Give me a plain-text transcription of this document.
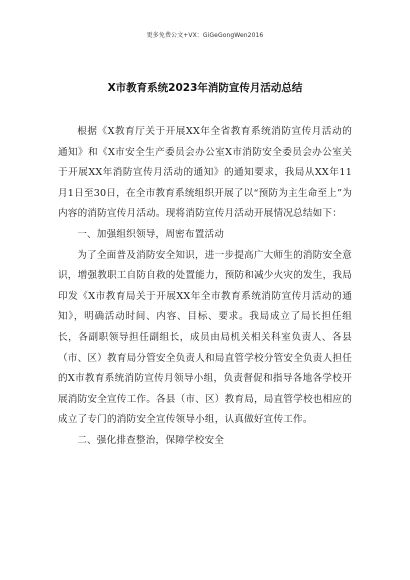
更多免费公文+VX：GiGeGongWen2016
X市教育系统2023年消防宣传月活动总结

根据《X教育厅关于开展XX年全省教育系统消防宣传月活动的通知》和《X市安全生产委员会办公室X市消防安全委员会办公室关于开展XX年消防宣传月活动的通知》的通知要求，我局从XX年11月1日至30日，在全市教育系统组织开展了以“预防为主生命至上”为内容的消防宣传月活动。现将消防宣传月活动开展情况总结如下：

一、加强组织领导，周密布置活动

为了全面普及消防安全知识，进一步提高广大师生的消防安全意识，增强教职工自防自救的处置能力，预防和减少火灾的发生，我局印发《X市教育局关于开展XX年全市教育系统消防宣传月活动的通知》，明确活动时间、内容、目标、要求。我局成立了局长担任组长，各副职领导担任副组长，成员由局机关相关科室负责人、各县（市、区）教育局分管安全负责人和局直管学校分管安全负责人担任的X市教育系统消防宣传月领导小组，负责督促和指导各地各学校开展消防安全宣传工作。各县（市、区）教育局，局直管学校也相应的成立了专门的消防安全宣传领导小组，认真做好宣传工作。

二、强化排查整治，保障学校安全
